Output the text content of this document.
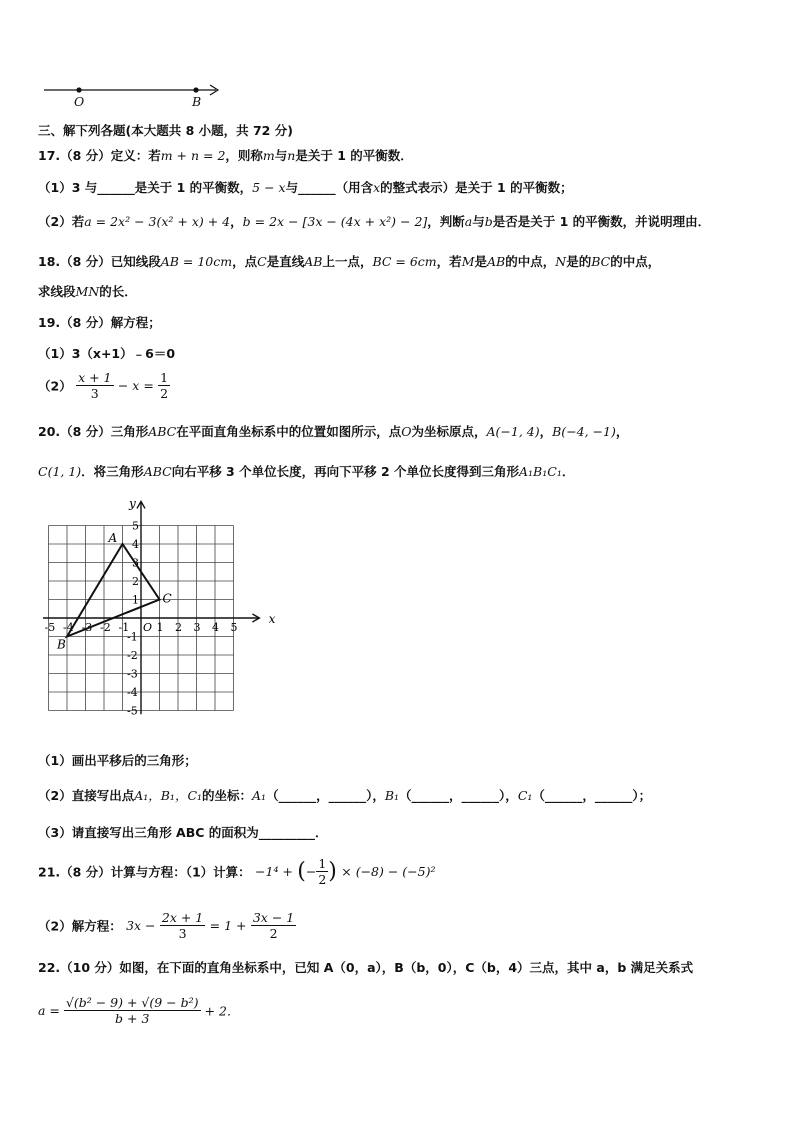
O	B
三、解下列各题(本大题共 8 小题，共 72 分)
17.（8 分）定义：若m + n = 2，则称m与n是关于 1 的平衡数．
（1）3 与______是关于 1 的平衡数，5 − x与______（用含x的整式表示）是关于 1 的平衡数；
（2）若a = 2x² − 3(x² + x) + 4，b = 2x − [3x − (4x + x²) − 2]，判断a与b是否是关于 1 的平衡数，并说明理由．
18.（8 分）已知线段AB = 10cm，点C是直线AB上一点，BC = 6cm，若M是AB的中点，N是的BC的中点，
求线段MN的长．
19.（8 分）解方程；
（1）3（x+1）﹣6＝0
$(2) \frac{x + 1}{3} - x = \frac{1}{2}$
20.（8 分）三角形ABC在平面直角坐标系中的位置如图所示，点O为坐标原点，A(−1, 4)，B(−4, −1)，
C(1, 1)．将三角形ABC向右平移 3 个单位长度，再向下平移 2 个单位长度得到三角形A₁B₁C₁．
x
y
-5 -4 -3 -2 -1 O 1 2 3 4 5
5
4
3
2
1
-1
-2
-3
-4
-5
A
B
C
（1）画出平移后的三角形；
（2）直接写出点A₁，B₁，C₁的坐标：A₁（______，______），B₁（______，______），C₁（______，______）；
（3）请直接写出三角形 ABC 的面积为_________．
21.（8 分）计算与方程：（1）计算： −1⁴ + (− $\frac{1}{2}$ ) × (−8) − (−5)²
（2）解方程： $3x - \frac{2x + 1}{3} = 1 + \frac{3x - 1}{2}$
22.（10 分）如图，在下面的直角坐标系中，已知 A（0，a），B（b，0），C（b，4）三点，其中 a，b 满足关系式
$a = \frac{\text{√(b² − 9) + √(9 − b²)}}{b + 3} + 2$．
